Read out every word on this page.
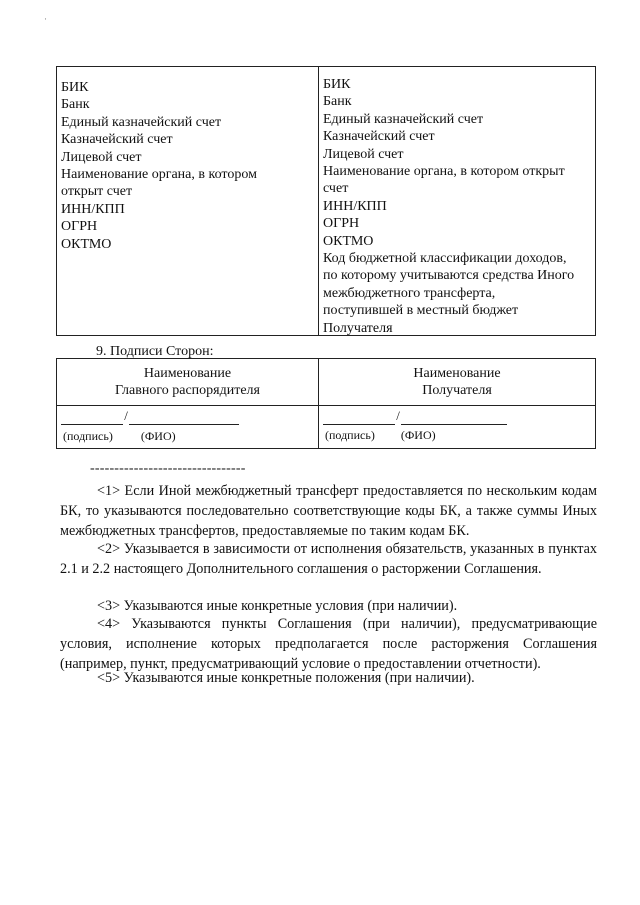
·
БИК
Банк
Единый казначейский счет
Казначейский счет
Лицевой счет
Наименование органа, в котором
открыт счет
ИНН/КПП
ОГРН
ОКТМО
БИК
Банк
Единый казначейский счет
Казначейский счет
Лицевой счет
Наименование органа, в котором открыт
счет
ИНН/КПП
ОГРН
ОКТМО
Код бюджетной классификации доходов,
по которому учитываются средства Иного
межбюджетного трансферта,
поступившей в местный бюджет
Получателя
9. Подписи Сторон:
Наименование
Главного распорядителя
Наименование
Получателя
/
(подпись) (ФИО)
/
(подпись) (ФИО)
--------------------------------
<1> Если Иной межбюджетный трансферт предоставляется по нескольким кодам БК, то указываются последовательно соответствующие коды БК, а также суммы Иных межбюджетных трансфертов, предоставляемые по таким кодам БК.
<2> Указывается в зависимости от исполнения обязательств, указанных в пунктах 2.1 и 2.2 настоящего Дополнительного соглашения о расторжении Соглашения.
<3> Указываются иные конкретные условия (при наличии).
<4> Указываются пункты Соглашения (при наличии), предусматривающие условия, исполнение которых предполагается после расторжения Соглашения (например, пункт, предусматривающий условие о предоставлении отчетности).
<5> Указываются иные конкретные положения (при наличии).
